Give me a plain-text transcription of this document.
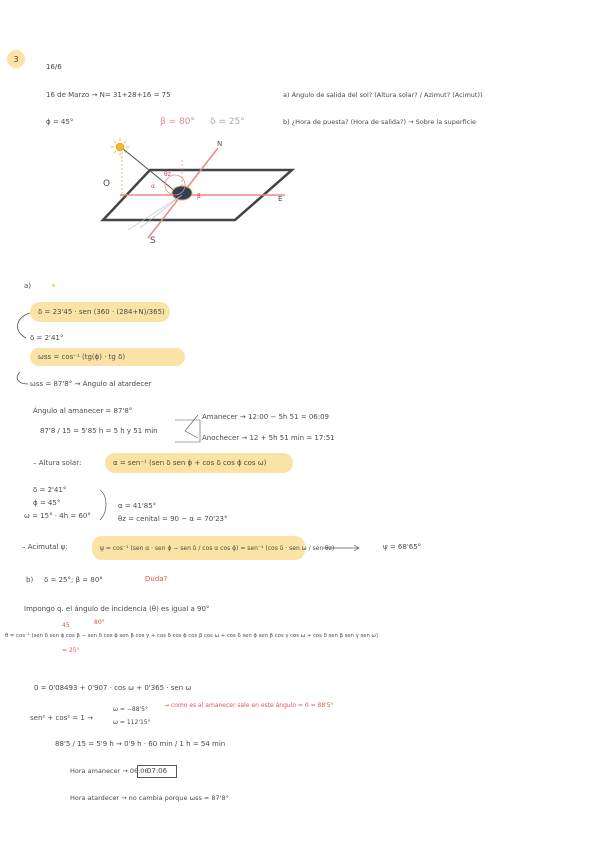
3
16/6
16 de Marzo → N= 31+28+16 = 75	a) Ángulo de salida del sol? (Altura solar? / Azimut? (Acimut))
ϕ = 45°	β = 80° δ = 25°	b) ¿Hora de puesta? (Hora de salida?) → Sobre la superficie
N
S
E
O
θz
α
β
a)
δ = 23'45 · sen (360 · (284+N)/365)
δ = 2'41°
ωss = cos⁻¹ (tg(ϕ) · tg δ)
ωss = 87'8° → Ángulo al atardecer
Ángulo al amanecer = 87'8°
87'8 / 15 = 5'85 h = 5 h y 51 min
Amanecer → 12:00 − 5h 51 = 06:09
Anochecer → 12 + 5h 51 min = 17:51
– Altura solar:	α = sen⁻¹ (sen δ sen ϕ + cos δ cos ϕ cos ω)
δ = 2'41°
ϕ = 45°
ω = 15° · 4h = 60°
α = 41'85°
θz = cenital = 90 − α = 70'23°
– Acimutal ψ:	ψ = cos⁻¹ (sen α · sen ϕ − sen δ / cos α cos ϕ) = sen⁻¹ (cos δ · sen ω / sen θz)	ψ = 68'65°
b) δ = 25°; β = 80°	Duda?
Impongo q. el ángulo de incidencia (θ) es igual a 90°
45	80°
= 25°
θ = cos⁻¹ (sen δ sen ϕ cos β − sen δ cos ϕ sen β cos γ + cos δ cos ϕ cos β cos ω + cos δ sen ϕ sen β cos γ cos ω + cos δ sen β sen γ sen ω)
0 = 0'08493 + 0'907 · cos ω + 0'365 · sen ω
sen² + cos² = 1 →
ω = −88'5°
ω = 112'15°
→ como es al amanecer sale en este ángulo ≈ 0 = 88'5°
88'5 / 15 = 5'9 h → 0'9 h · 60 min / 1 h = 54 min
Hora amanecer → 06:06
07:06
Hora atardecer → no cambia porque ωss = 87'8°
